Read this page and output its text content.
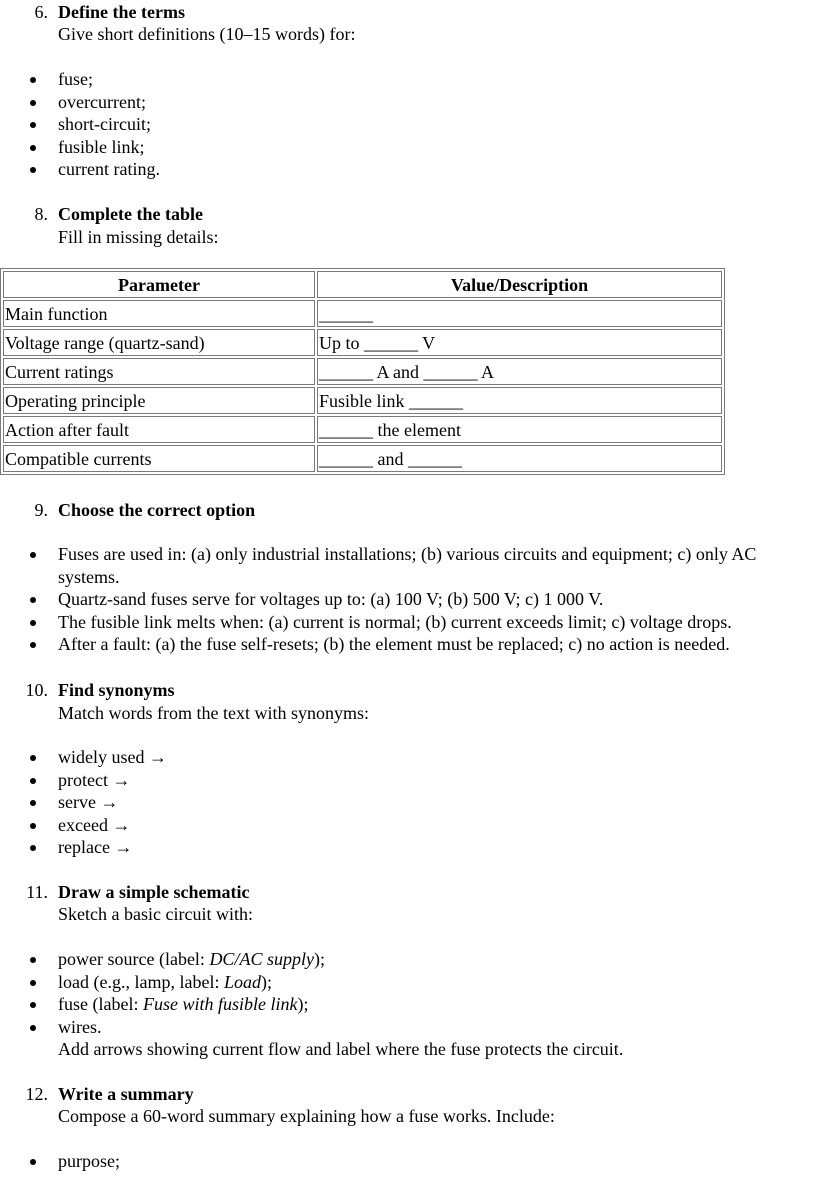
6. Define the terms
Give short definitions (10–15 words) for:
fuse;
overcurrent;
short-circuit;
fusible link;
current rating.
8. Complete the table
Fill in missing details:
Parameter	Value/Description
Main function	______
Voltage range (quartz-sand)	Up to ______ V
Current ratings	______ A and ______ A
Operating principle	Fusible link ______
Action after fault	______ the element
Compatible currents	______ and ______
9. Choose the correct option
Fuses are used in: (a) only industrial installations; (b) various circuits and equipment; c) only AC systems.
Quartz-sand fuses serve for voltages up to: (a) 100 V; (b) 500 V; c) 1 000 V.
The fusible link melts when: (a) current is normal; (b) current exceeds limit; c) voltage drops.
After a fault: (a) the fuse self-resets; (b) the element must be replaced; c) no action is needed.
10. Find synonyms
Match words from the text with synonyms:
widely used →
protect →
serve →
exceed →
replace →
11. Draw a simple schematic
Sketch a basic circuit with:
power source (label: DC/AC supply);
load (e.g., lamp, label: Load);
fuse (label: Fuse with fusible link);
wires.
Add arrows showing current flow and label where the fuse protects the circuit.
12. Write a summary
Compose a 60-word summary explaining how a fuse works. Include:
purpose;
